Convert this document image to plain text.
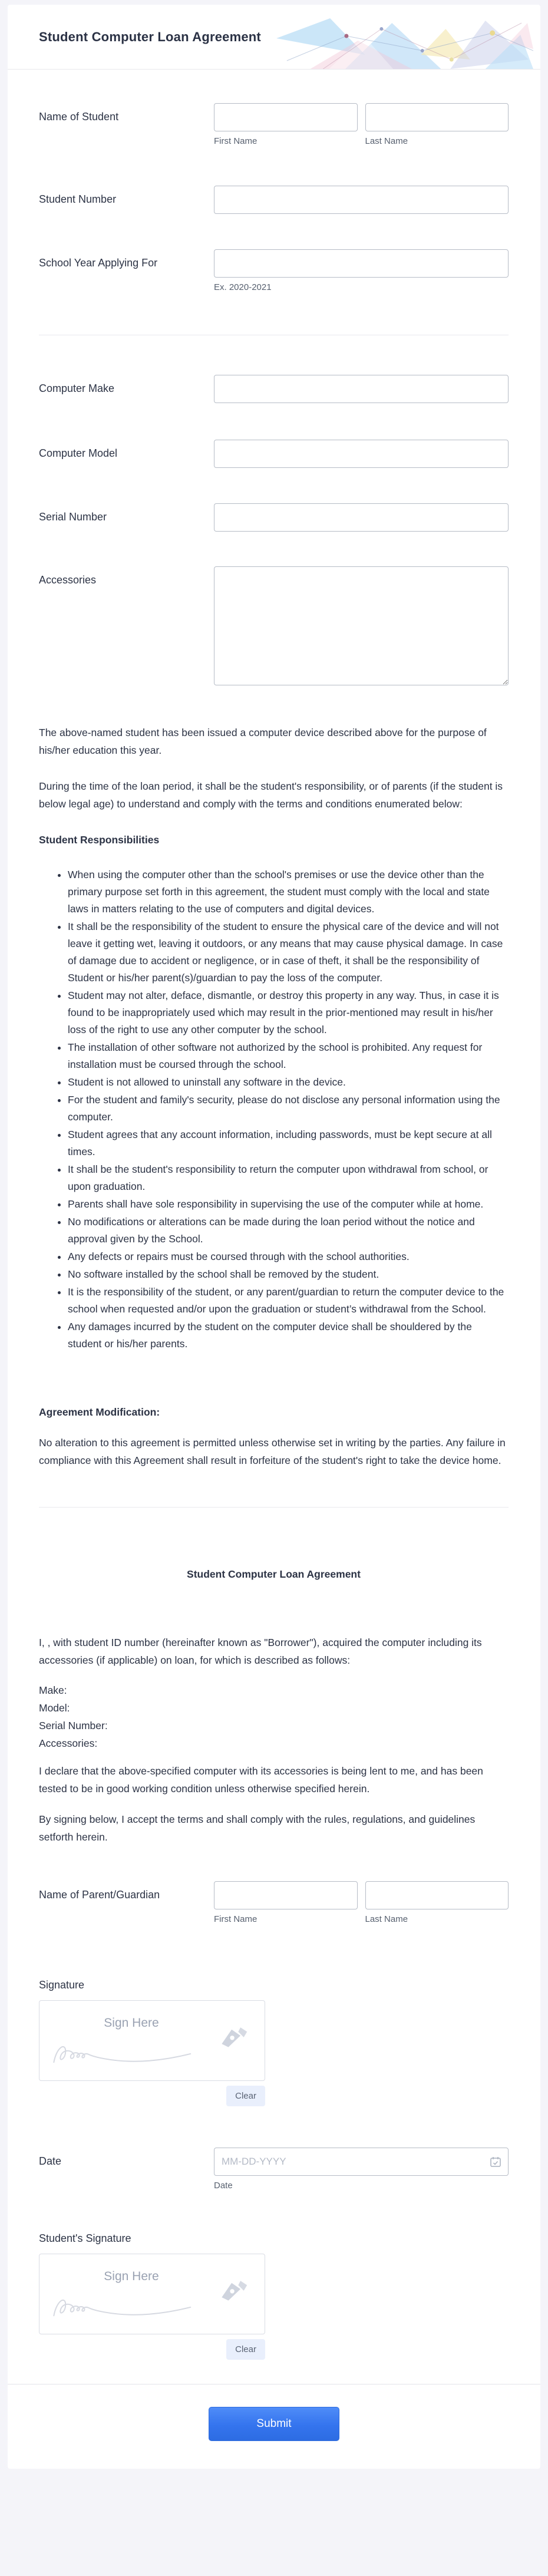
Student Computer Loan Agreement
Name of Student
First Name	Last Name
Student Number
School Year Applying For
Ex. 2020-2021
Computer Make
Computer Model
Serial Number
Accessories

The above-named student has been issued a computer device described above for the purpose of his/her education this year.

During the time of the loan period, it shall be the student's responsibility, or of parents (if the student is below legal age) to understand and comply with the terms and conditions enumerated below:

Student Responsibilities

• When using the computer other than the school's premises or use the device other than the primary purpose set forth in this agreement, the student must comply with the local and state laws in matters relating to the use of computers and digital devices.
• It shall be the responsibility of the student to ensure the physical care of the device and will not leave it getting wet, leaving it outdoors, or any means that may cause physical damage. In case of damage due to accident or negligence, or in case of theft, it shall be the responsibility of Student or his/her parent(s)/guardian to pay the loss of the computer.
• Student may not alter, deface, dismantle, or destroy this property in any way. Thus, in case it is found to be inappropriately used which may result in the prior-mentioned may result in his/her loss of the right to use any other computer by the school.
• The installation of other software not authorized by the school is prohibited. Any request for installation must be coursed through the school.
• Student is not allowed to uninstall any software in the device.
• For the student and family's security, please do not disclose any personal information using the computer.
• Student agrees that any account information, including passwords, must be kept secure at all times.
• It shall be the student's responsibility to return the computer upon withdrawal from school, or upon graduation.
• Parents shall have sole responsibility in supervising the use of the computer while at home.
• No modifications or alterations can be made during the loan period without the notice and approval given by the School.
• Any defects or repairs must be coursed through with the school authorities.
• No software installed by the school shall be removed by the student.
• It is the responsibility of the student, or any parent/guardian to return the computer device to the school when requested and/or upon the graduation or student’s withdrawal from the School.
• Any damages incurred by the student on the computer device shall be shouldered by the student or his/her parents.

Agreement Modification:

No alteration to this agreement is permitted unless otherwise set in writing by the parties. Any failure in compliance with this Agreement shall result in forfeiture of the student's right to take the device home.

Student Computer Loan Agreement

I, , with student ID number (hereinafter known as "Borrower"), acquired the computer including its accessories (if applicable) on loan, for which is described as follows:

Make:
Model:
Serial Number:
Accessories:

I declare that the above-specified computer with its accessories is being lent to me, and has been tested to be in good working condition unless otherwise specified herein.

By signing below, I accept the terms and shall comply with the rules, regulations, and guidelines setforth herein.

Name of Parent/Guardian
First Name	Last Name
Signature
Sign Here
Clear
Date
MM-DD-YYYY
Date
Student's Signature
Sign Here
Clear
Submit
